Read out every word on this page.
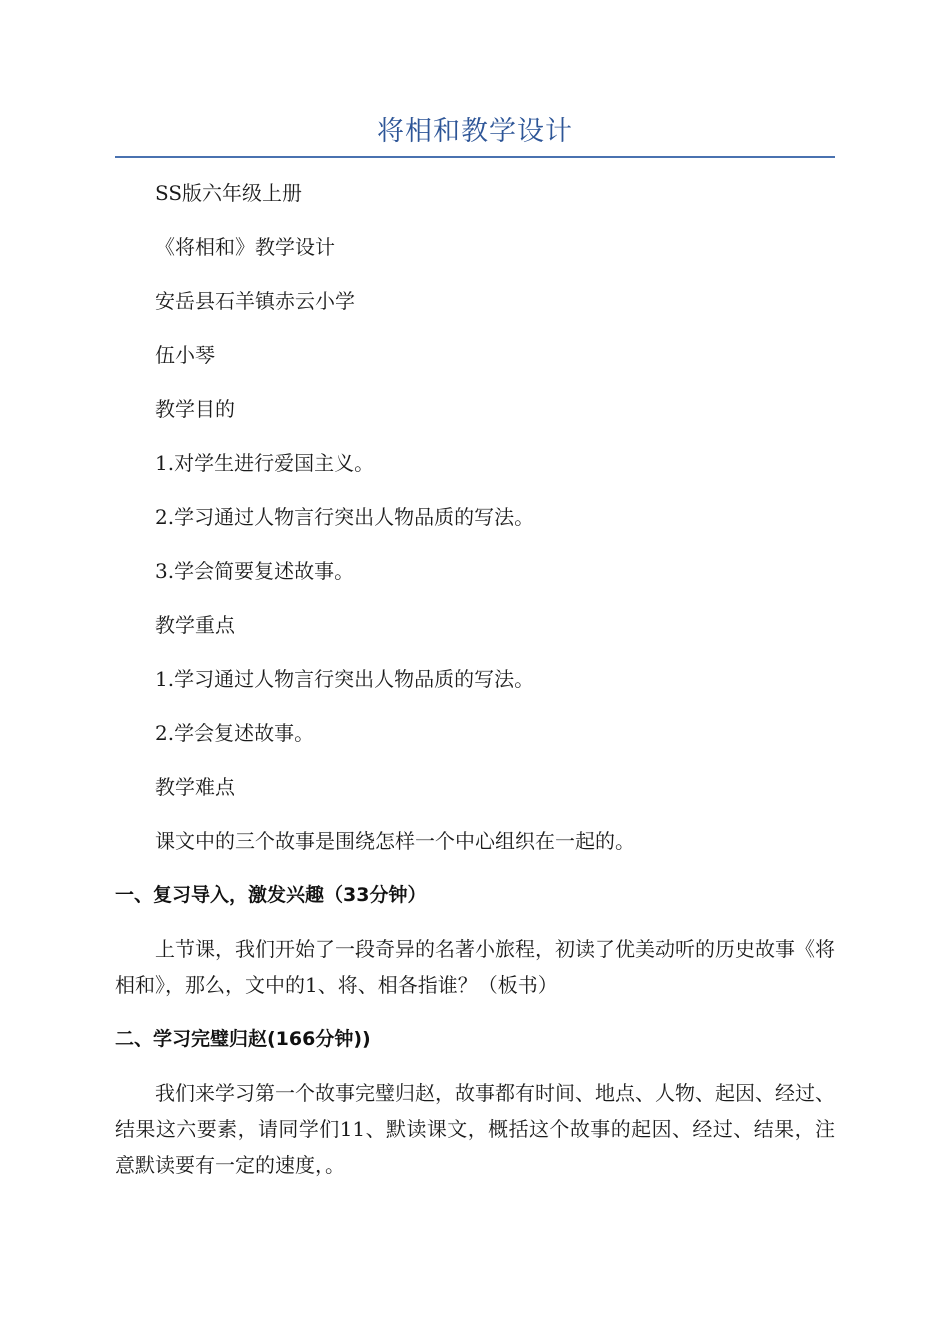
将相和教学设计

SS版六年级上册

《将相和》教学设计

安岳县石羊镇赤云小学

伍小琴

教学目的

1.对学生进行爱国主义。

2.学习通过人物言行突出人物品质的写法。

3.学会简要复述故事。

教学重点

1.学习通过人物言行突出人物品质的写法。

2.学会复述故事。

教学难点

课文中的三个故事是围绕怎样一个中心组织在一起的。

一、复习导入，激发兴趣（33分钟）

上节课，我们开始了一段奇异的名著小旅程，初读了优美动听的历史故事《将相和》，那么，文中的1、将、相各指谁？（板书）

二、学习完璧归赵(166分钟))

我们来学习第一个故事完璧归赵，故事都有时间、地点、人物、起因、经过、结果这六要素，请同学们11、默读课文，概括这个故事的起因、经过、结果，注意默读要有一定的速度，。
